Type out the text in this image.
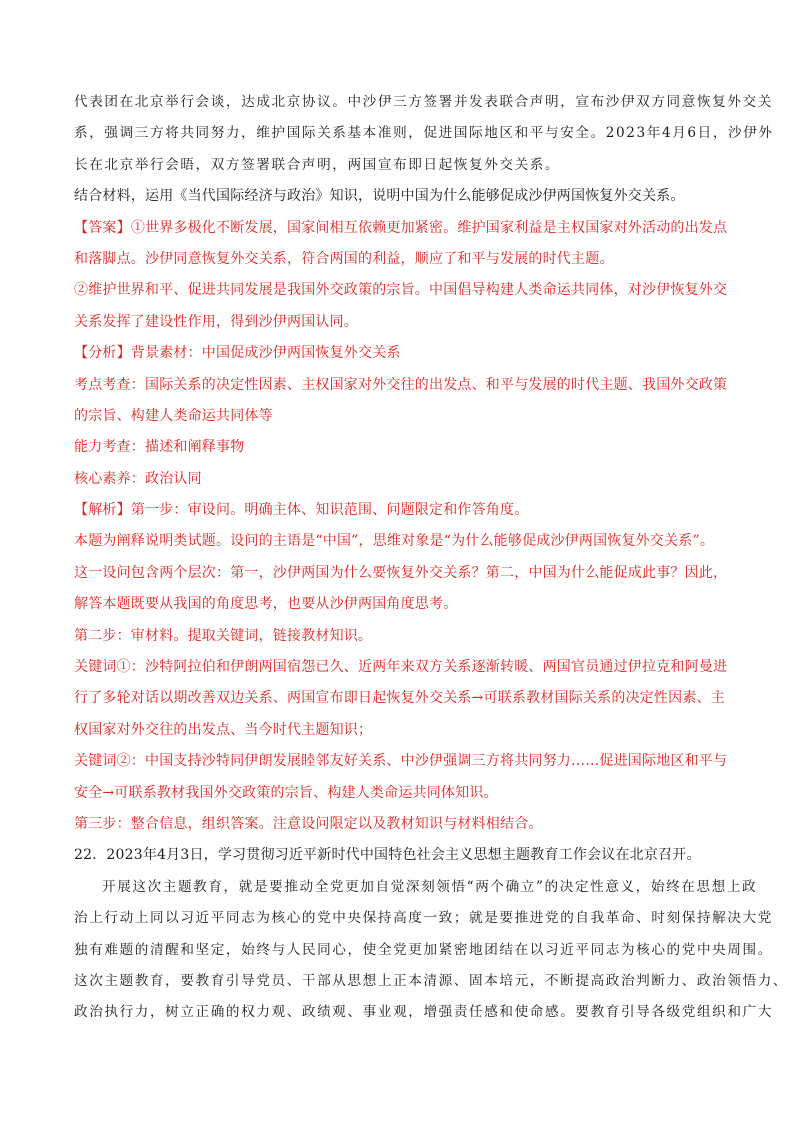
代表团在北京举行会谈，达成北京协议。中沙伊三方签署并发表联合声明，宣布沙伊双方同意恢复外交关
系，强调三方将共同努力，维护国际关系基本准则，促进国际地区和平与安全。2023年4月6日，沙伊外
长在北京举行会晤，双方签署联合声明，两国宣布即日起恢复外交关系。
结合材料，运用《当代国际经济与政治》知识，说明中国为什么能够促成沙伊两国恢复外交关系。
【答案】①世界多极化不断发展，国家间相互依赖更加紧密。维护国家利益是主权国家对外活动的出发点
和落脚点。沙伊同意恢复外交关系，符合两国的利益，顺应了和平与发展的时代主题。
②维护世界和平、促进共同发展是我国外交政策的宗旨。中国倡导构建人类命运共同体，对沙伊恢复外交
关系发挥了建设性作用，得到沙伊两国认同。
【分析】背景素材：中国促成沙伊两国恢复外交关系
考点考查：国际关系的决定性因素、主权国家对外交往的出发点、和平与发展的时代主题、我国外交政策
的宗旨、构建人类命运共同体等
能力考查：描述和阐释事物
核心素养：政治认同
【解析】第一步：审设问。明确主体、知识范围、问题限定和作答角度。
本题为阐释说明类试题。设问的主语是“中国”，思维对象是“为什么能够促成沙伊两国恢复外交关系”。
这一设问包含两个层次：第一，沙伊两国为什么要恢复外交关系？第二，中国为什么能促成此事？因此，
解答本题既要从我国的角度思考，也要从沙伊两国角度思考。
第二步：审材料。提取关键词，链接教材知识。
关键词①：沙特阿拉伯和伊朗两国宿怨已久、近两年来双方关系逐渐转暖、两国官员通过伊拉克和阿曼进
行了多轮对话以期改善双边关系、两国宣布即日起恢复外交关系→可联系教材国际关系的决定性因素、主
权国家对外交往的出发点、当今时代主题知识；
关键词②：中国支持沙特同伊朗发展睦邻友好关系、中沙伊强调三方将共同努力……促进国际地区和平与
安全→可联系教材我国外交政策的宗旨、构建人类命运共同体知识。
第三步：整合信息，组织答案。注意设问限定以及教材知识与材料相结合。
22．2023年4月3日，学习贯彻习近平新时代中国特色社会主义思想主题教育工作会议在北京召开。
开展这次主题教育，就是要推动全党更加自觉深刻领悟“两个确立”的决定性意义，始终在思想上政
治上行动上同以习近平同志为核心的党中央保持高度一致；就是要推进党的自我革命、时刻保持解决大党
独有难题的清醒和坚定，始终与人民同心，使全党更加紧密地团结在以习近平同志为核心的党中央周围。
这次主题教育，要教育引导党员、干部从思想上正本清源、固本培元，不断提高政治判断力、政治领悟力、
政治执行力，树立正确的权力观、政绩观、事业观，增强责任感和使命感。要教育引导各级党组织和广大
